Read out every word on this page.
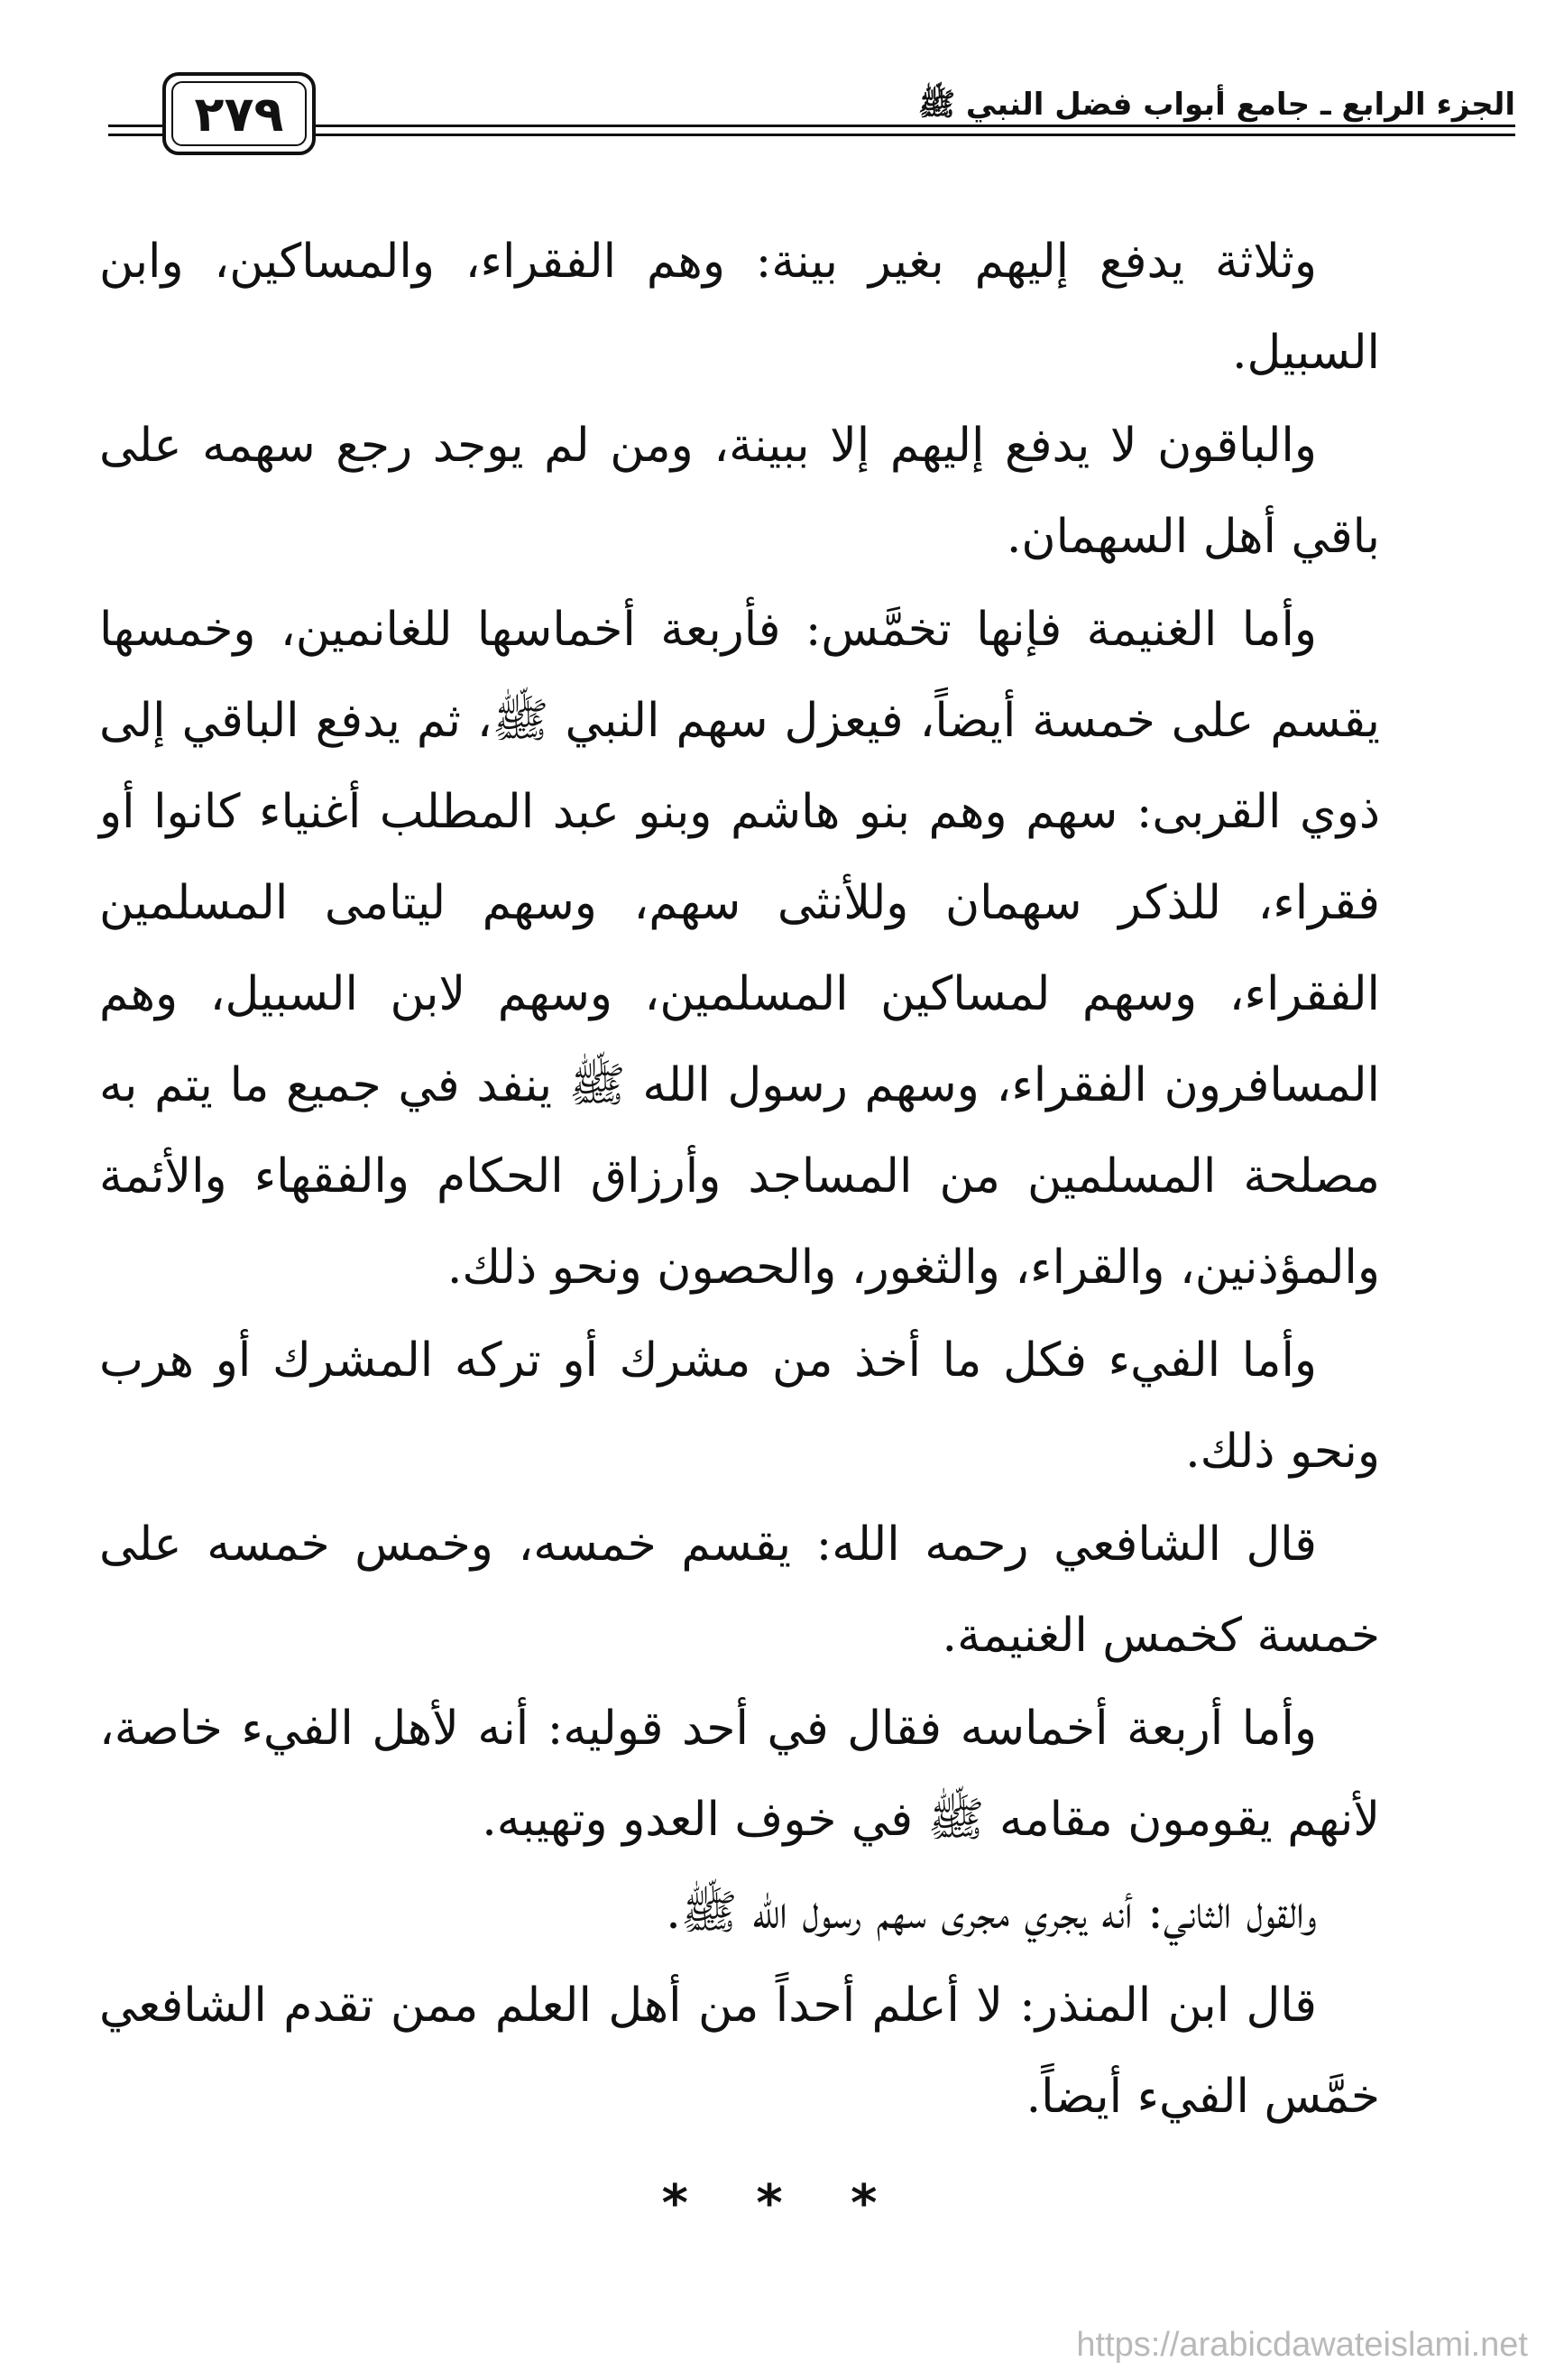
الجزء الرابع ـ جامع أبواب فضل النبي ﷺ
٢٧٩

وثلاثة يدفع إليهم بغير بينة: وهم الفقراء، والمساكين، وابن السبيل.

والباقون لا يدفع إليهم إلا ببينة، ومن لم يوجد رجع سهمه على باقي أهل السهمان.

وأما الغنيمة فإنها تخمَّس: فأربعة أخماسها للغانمين، وخمسها يقسم على خمسة أيضاً، فيعزل سهم النبي ﷺ، ثم يدفع الباقي إلى ذوي القربى: سهم وهم بنو هاشم وبنو عبد المطلب أغنياء كانوا أو فقراء، للذكر سهمان وللأنثى سهم، وسهم ليتامى المسلمين الفقراء، وسهم لمساكين المسلمين، وسهم لابن السبيل، وهم المسافرون الفقراء، وسهم رسول الله ﷺ ينفد في جميع ما يتم به مصلحة المسلمين من المساجد وأرزاق الحكام والفقهاء والأئمة والمؤذنين، والقراء، والثغور، والحصون ونحو ذلك.

وأما الفيء فكل ما أخذ من مشرك أو تركه المشرك أو هرب ونحو ذلك.

قال الشافعي رحمه الله: يقسم خمسه، وخمس خمسه على خمسة كخمس الغنيمة.

وأما أربعة أخماسه فقال في أحد قوليه: أنه لأهل الفيء خاصة، لأنهم يقومون مقامه ﷺ في خوف العدو وتهيبه.

والقول الثاني: أنه يجري مجرى سهم رسول الله ﷺ.

قال ابن المنذر: لا أعلم أحداً من أهل العلم ممن تقدم الشافعي خمَّس الفيء أيضاً.

* * *
https://arabicdawateislami.net
